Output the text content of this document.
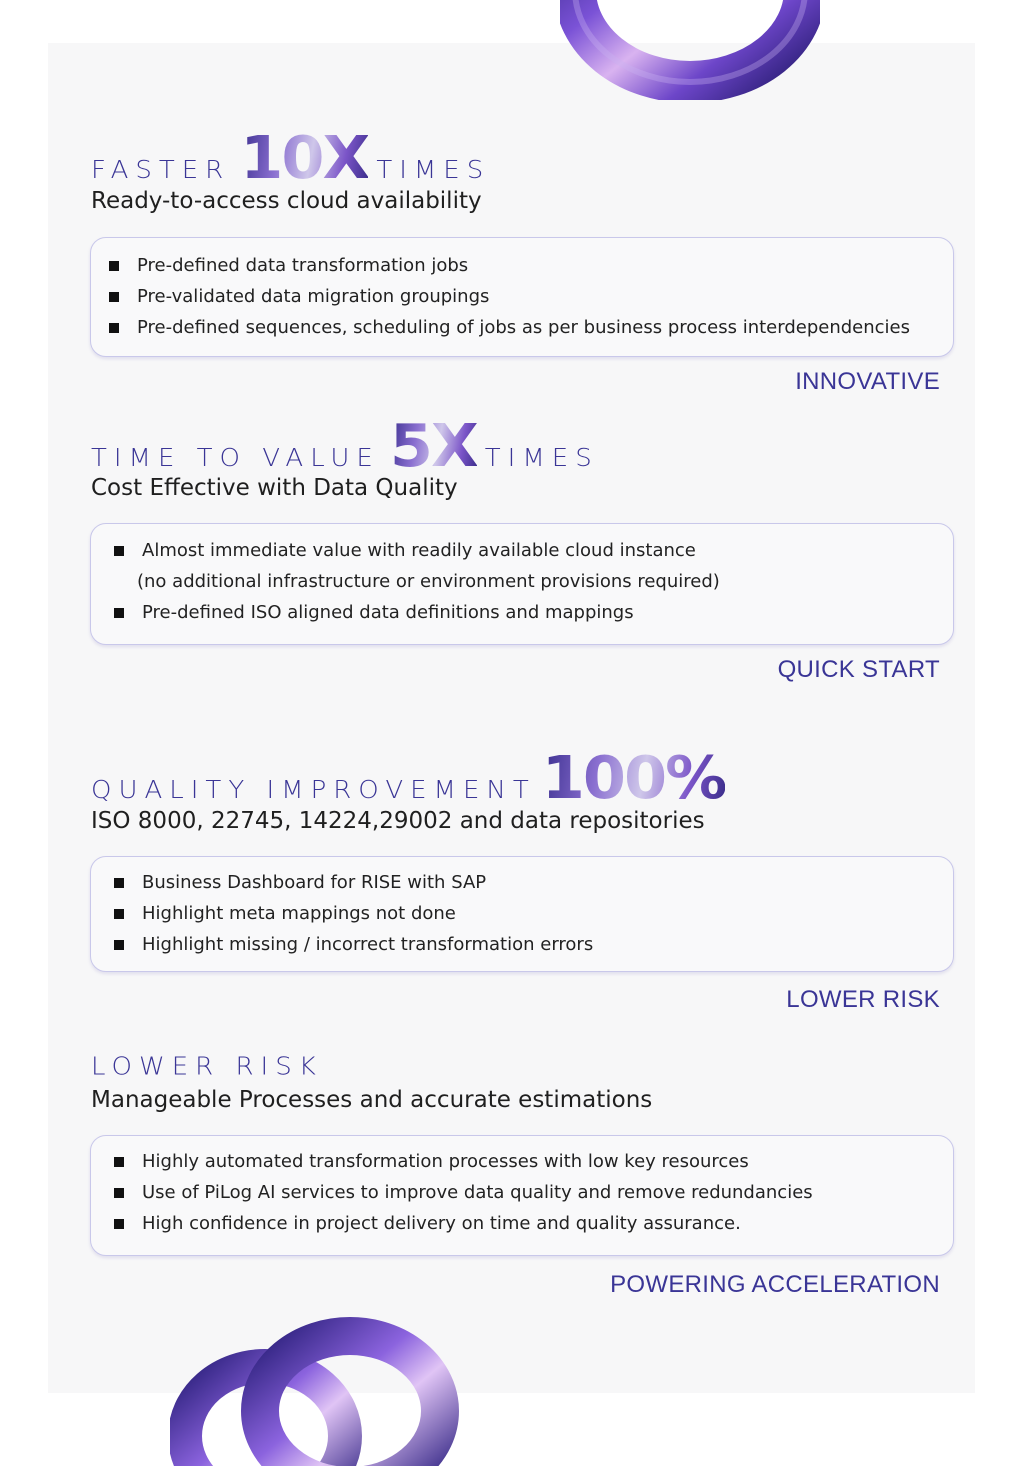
FASTER 10X TIMES
Ready-to-access cloud availability
Pre-defined data transformation jobs
Pre-validated data migration groupings
Pre-defined sequences, scheduling of jobs as per business process interdependencies
INNOVATIVE
TIME TO VALUE 5X TIMES
Cost Effective with Data Quality
Almost immediate value with readily available cloud instance
(no additional infrastructure or environment provisions required)
Pre-defined ISO aligned data definitions and mappings
QUICK START
QUALITY IMPROVEMENT 100%
ISO 8000, 22745, 14224,29002 and data repositories
Business Dashboard for RISE with SAP
Highlight meta mappings not done
Highlight missing / incorrect transformation errors
LOWER RISK
LOWER RISK
Manageable Processes and accurate estimations
Highly automated transformation processes with low key resources
Use of PiLog AI services to improve data quality and remove redundancies
High confidence in project delivery on time and quality assurance.
POWERING ACCELERATION
